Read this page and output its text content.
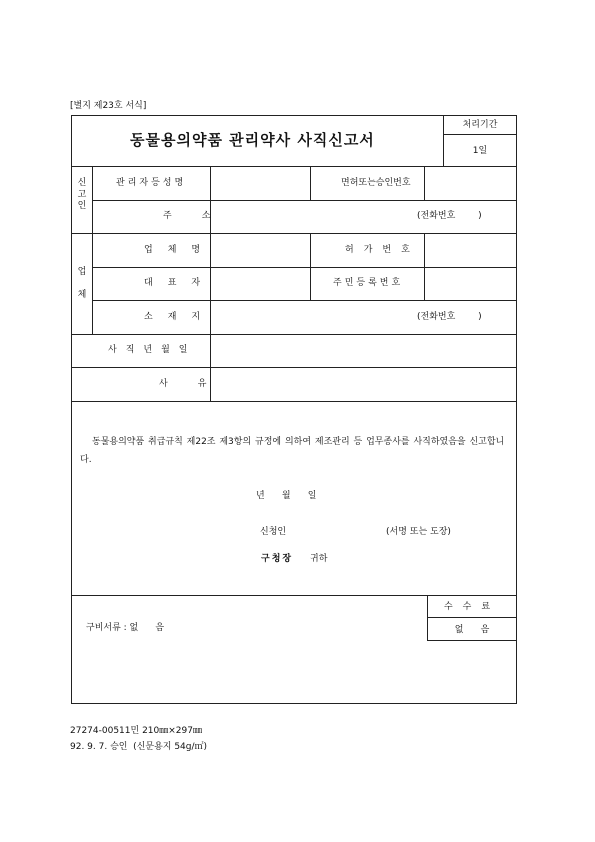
[별지 제23호 서식]
동물용의약품 관리약사 사직신고서
처리기간
1일
신고인
관리자등성명	면허또는승인번호
주소	(전화번호        )
업체
업체명	허가번호
대표자	주민등록번호
소재지	(전화번호        )
사직년월일
사유
동물용의약품 취급규칙 제22조 제3항의 규정에 의하여 제조관리 등 업무종사를 사직하였음을 신고합니다.
년      월      일
신청인	(서명 또는 도장)
구청장 귀하
구비서류 : 없      음
수수료
없      음
27274-00511민 210㎜×297㎜
92. 9. 7. 승인  (신문용지 54g/㎡)
